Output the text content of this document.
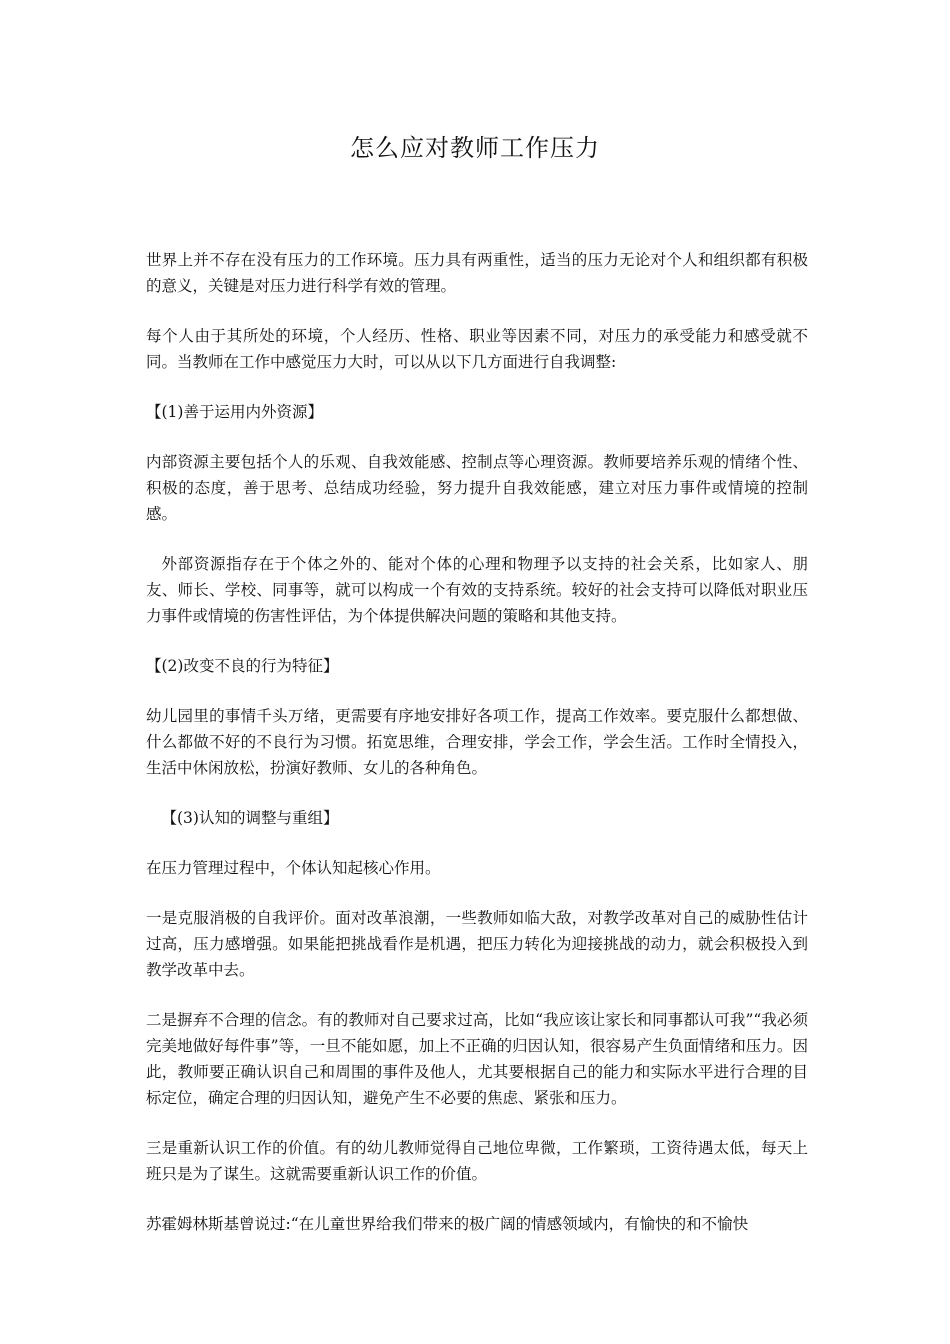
怎么应对教师工作压力

世界上并不存在没有压力的工作环境。压力具有两重性，适当的压力无论对个人和组织都有积极的意义，关键是对压力进行科学有效的管理。

每个人由于其所处的环境，个人经历、性格、职业等因素不同，对压力的承受能力和感受就不同。当教师在工作中感觉压力大时，可以从以下几方面进行自我调整:

【(1)善于运用内外资源】

内部资源主要包括个人的乐观、自我效能感、控制点等心理资源。教师要培养乐观的情绪个性、积极的态度，善于思考、总结成功经验，努力提升自我效能感，建立对压力事件或情境的控制感。

外部资源指存在于个体之外的、能对个体的心理和物理予以支持的社会关系，比如家人、朋友、师长、学校、同事等，就可以构成一个有效的支持系统。较好的社会支持可以降低对职业压力事件或情境的伤害性评估，为个体提供解决问题的策略和其他支持。

【(2)改变不良的行为特征】

幼儿园里的事情千头万绪，更需要有序地安排好各项工作，提高工作效率。要克服什么都想做、什么都做不好的不良行为习惯。拓宽思维，合理安排，学会工作，学会生活。工作时全情投入，生活中休闲放松，扮演好教师、女儿的各种角色。

【(3)认知的调整与重组】

在压力管理过程中，个体认知起核心作用。

一是克服消极的自我评价。面对改革浪潮，一些教师如临大敌，对教学改革对自己的威胁性估计过高，压力感增强。如果能把挑战看作是机遇，把压力转化为迎接挑战的动力，就会积极投入到教学改革中去。

二是摒弃不合理的信念。有的教师对自己要求过高，比如“我应该让家长和同事都认可我”“我必须完美地做好每件事”等，一旦不能如愿，加上不正确的归因认知，很容易产生负面情绪和压力。因此，教师要正确认识自己和周围的事件及他人，尤其要根据自己的能力和实际水平进行合理的目标定位，确定合理的归因认知，避免产生不必要的焦虑、紧张和压力。

三是重新认识工作的价值。有的幼儿教师觉得自己地位卑微，工作繁琐，工资待遇太低，每天上班只是为了谋生。这就需要重新认识工作的价值。

苏霍姆林斯基曾说过:“在儿童世界给我们带来的极广阔的情感领域内，有愉快的和不愉快
